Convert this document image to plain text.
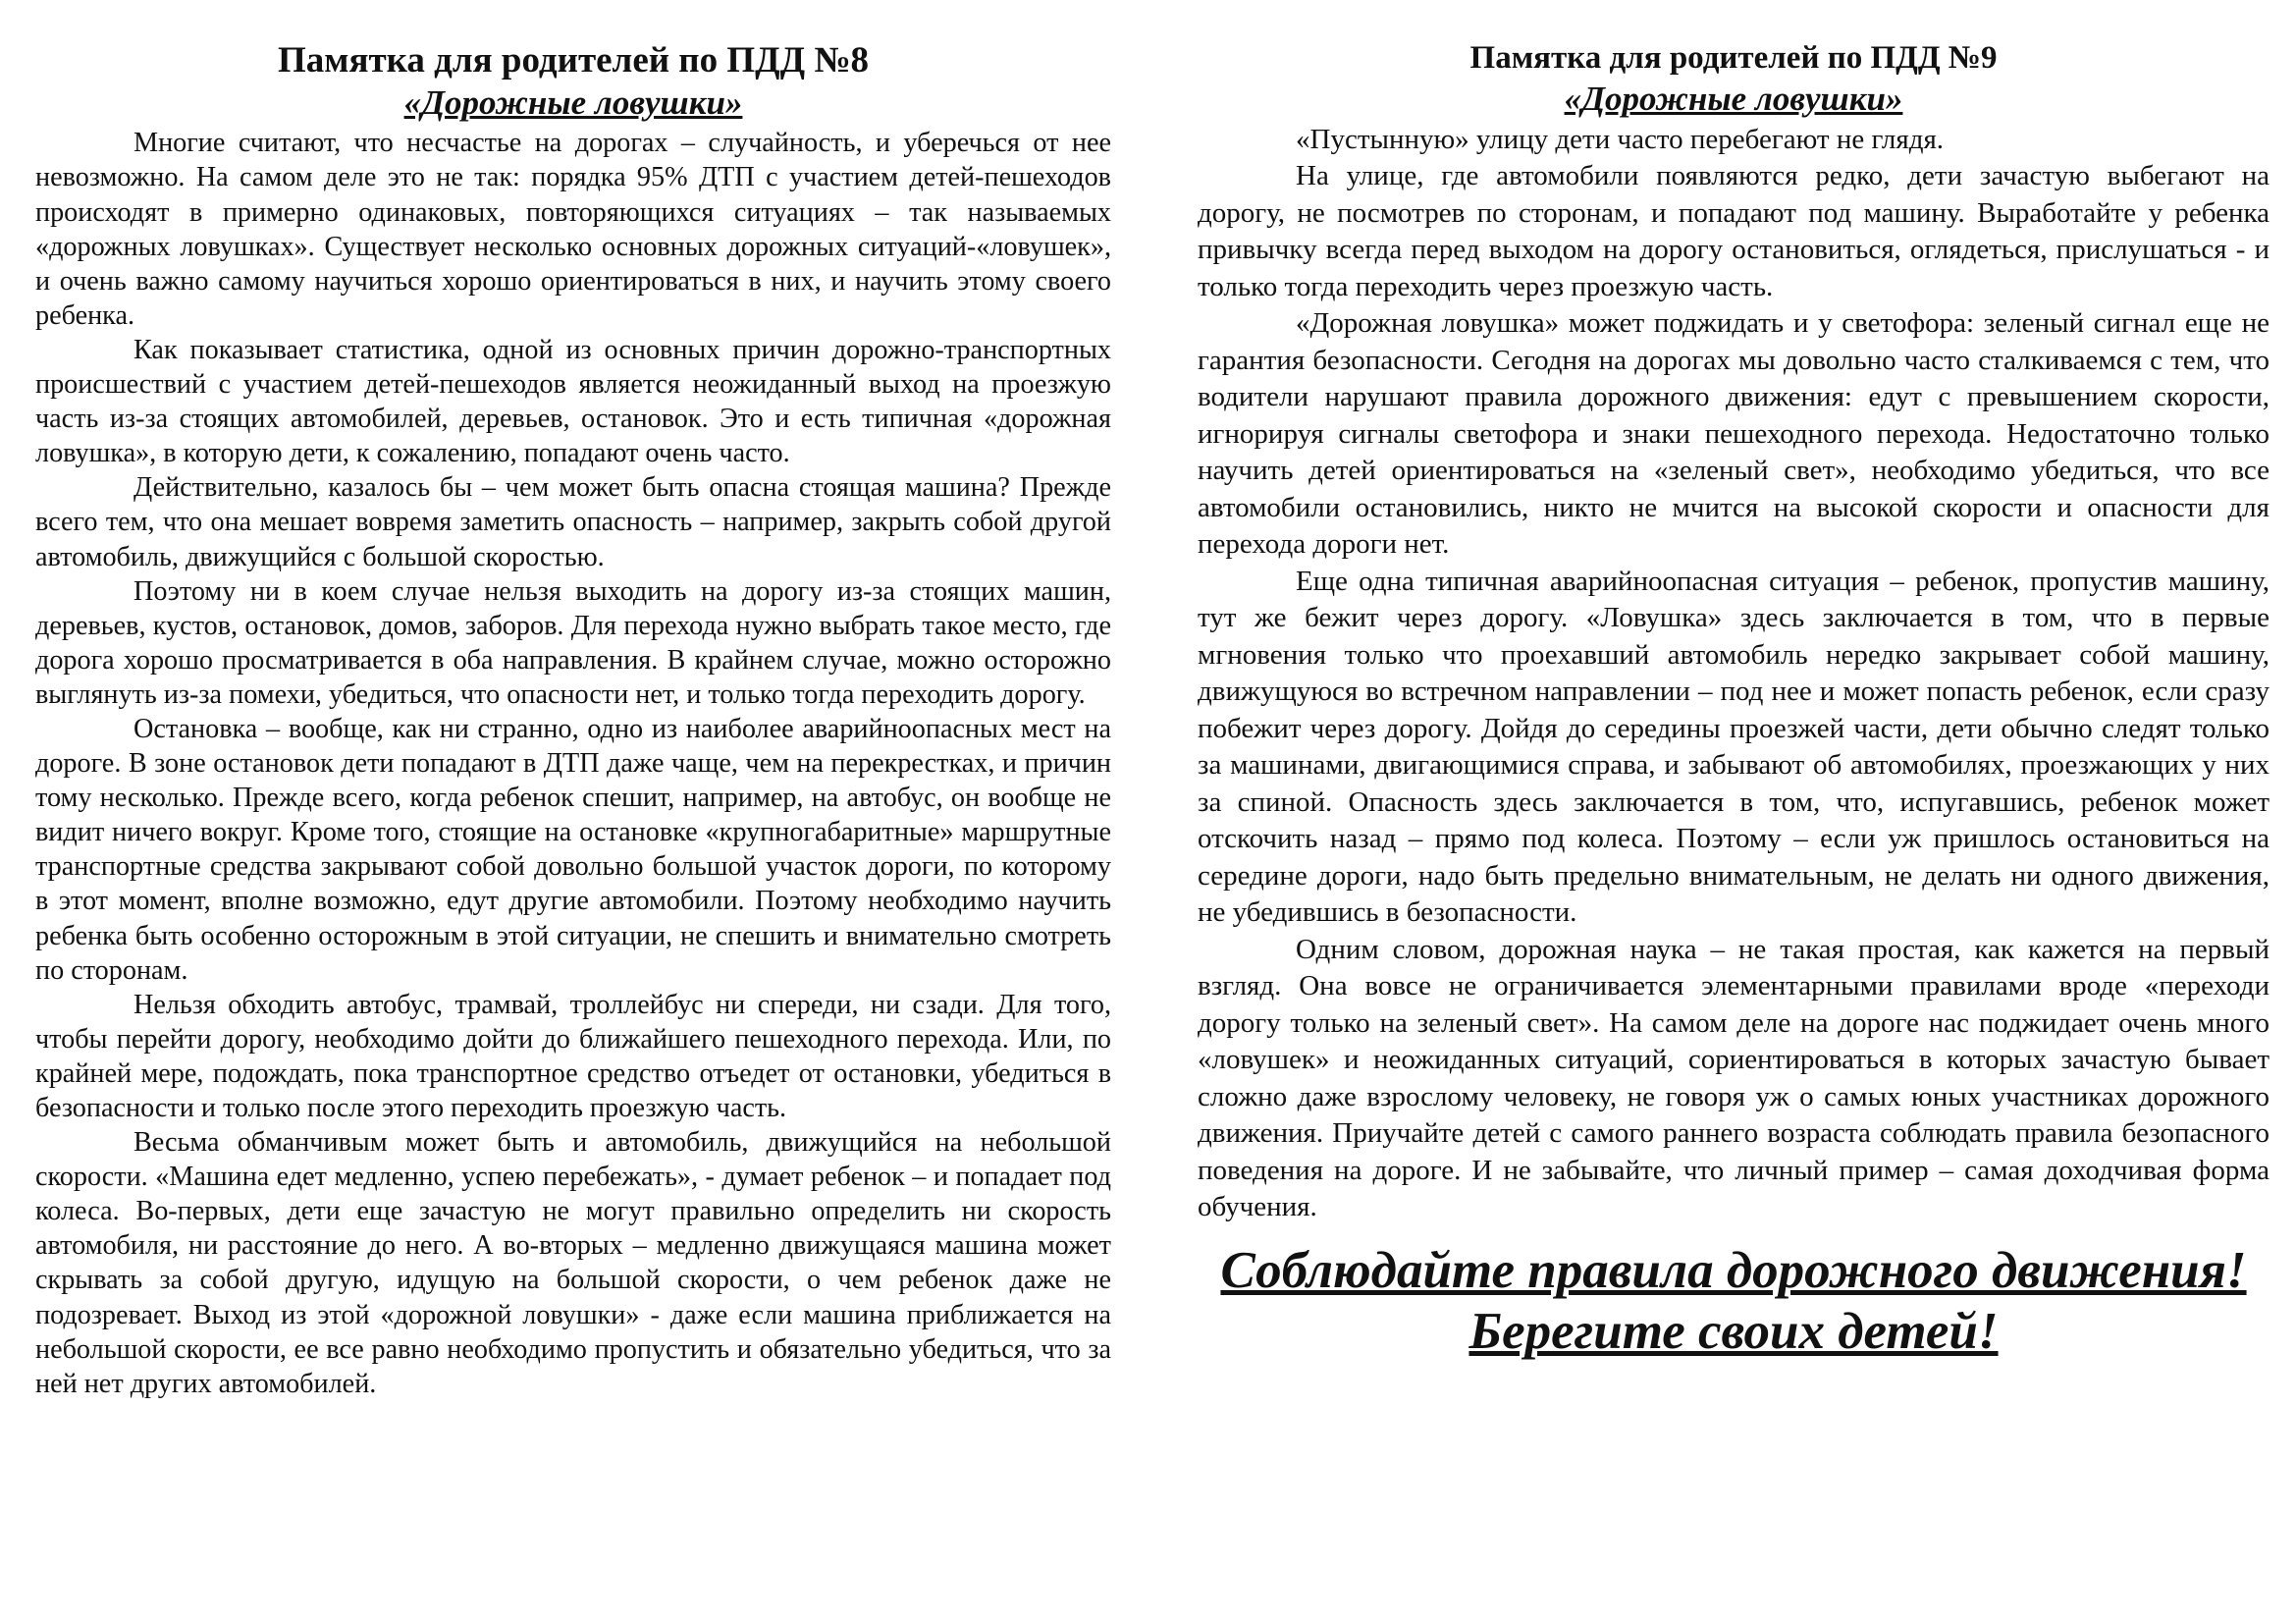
Памятка для родителей по ПДД №8
«Дорожные ловушки»

Многие считают, что несчастье на дорогах – случайность, и уберечься от нее невозможно. На самом деле это не так: порядка 95% ДТП с участием детей-пешеходов происходят в примерно одинаковых, повторяющихся ситуациях – так называемых «дорожных ловушках». Существует несколько основных дорожных ситуаций-«ловушек», и очень важно самому научиться хорошо ориентироваться в них, и научить этому своего ребенка.

Как показывает статистика, одной из основных причин дорожно-транспортных происшествий с участием детей-пешеходов является неожиданный выход на проезжую часть из-за стоящих автомобилей, деревьев, остановок. Это и есть типичная «дорожная ловушка», в которую дети, к сожалению, попадают очень часто.

Действительно, казалось бы – чем может быть опасна стоящая машина? Прежде всего тем, что она мешает вовремя заметить опасность – например, закрыть собой другой автомобиль, движущийся с большой скоростью.

Поэтому ни в коем случае нельзя выходить на дорогу из-за стоящих машин, деревьев, кустов, остановок, домов, заборов. Для перехода нужно выбрать такое место, где дорога хорошо просматривается в оба направления. В крайнем случае, можно осторожно выглянуть из-за помехи, убедиться, что опасности нет, и только тогда переходить дорогу.

Остановка – вообще, как ни странно, одно из наиболее аварийноопасных мест на дороге. В зоне остановок дети попадают в ДТП даже чаще, чем на перекрестках, и причин тому несколько. Прежде всего, когда ребенок спешит, например, на автобус, он вообще не видит ничего вокруг. Кроме того, стоящие на остановке «крупногабаритные» маршрутные транспортные средства закрывают собой довольно большой участок дороги, по которому в этот момент, вполне возможно, едут другие автомобили. Поэтому необходимо научить ребенка быть особенно осторожным в этой ситуации, не спешить и внимательно смотреть по сторонам.

Нельзя обходить автобус, трамвай, троллейбус ни спереди, ни сзади. Для того, чтобы перейти дорогу, необходимо дойти до ближайшего пешеходного перехода. Или, по крайней мере, подождать, пока транспортное средство отъедет от остановки, убедиться в безопасности и только после этого переходить проезжую часть.

Весьма обманчивым может быть и автомобиль, движущийся на небольшой скорости. «Машина едет медленно, успею перебежать», - думает ребенок – и попадает под колеса. Во-первых, дети еще зачастую не могут правильно определить ни скорость автомобиля, ни расстояние до него. А во-вторых – медленно движущаяся машина может скрывать за собой другую, идущую на большой скорости, о чем ребенок даже не подозревает. Выход из этой «дорожной ловушки» - даже если машина приближается на небольшой скорости, ее все равно необходимо пропустить и обязательно убедиться, что за ней нет других автомобилей.

Памятка для родителей по ПДД №9
«Дорожные ловушки»

«Пустынную» улицу дети часто перебегают не глядя.

На улице, где автомобили появляются редко, дети зачастую выбегают на дорогу, не посмотрев по сторонам, и попадают под машину. Выработайте у ребенка привычку всегда перед выходом на дорогу остановиться, оглядеться, прислушаться - и только тогда переходить через проезжую часть.

«Дорожная ловушка» может поджидать и у светофора: зеленый сигнал еще не гарантия безопасности. Сегодня на дорогах мы довольно часто сталкиваемся с тем, что водители нарушают правила дорожного движения: едут с превышением скорости, игнорируя сигналы светофора и знаки пешеходного перехода. Недостаточно только научить детей ориентироваться на «зеленый свет», необходимо убедиться, что все автомобили остановились, никто не мчится на высокой скорости и опасности для перехода дороги нет.

Еще одна типичная аварийноопасная ситуация – ребенок, пропустив машину, тут же бежит через дорогу. «Ловушка» здесь заключается в том, что в первые мгновения только что проехавший автомобиль нередко закрывает собой машину, движущуюся во встречном направлении – под нее и может попасть ребенок, если сразу побежит через дорогу. Дойдя до середины проезжей части, дети обычно следят только за машинами, двигающимися справа, и забывают об автомобилях, проезжающих у них за спиной. Опасность здесь заключается в том, что, испугавшись, ребенок может отскочить назад – прямо под колеса. Поэтому – если уж пришлось остановиться на середине дороги, надо быть предельно внимательным, не делать ни одного движения, не убедившись в безопасности.

Одним словом, дорожная наука – не такая простая, как кажется на первый взгляд. Она вовсе не ограничивается элементарными правилами вроде «переходи дорогу только на зеленый свет». На самом деле на дороге нас поджидает очень много «ловушек» и неожиданных ситуаций, сориентироваться в которых зачастую бывает сложно даже взрослому человеку, не говоря уж о самых юных участниках дорожного движения. Приучайте детей с самого раннего возраста соблюдать правила безопасного поведения на дороге. И не забывайте, что личный пример – самая доходчивая форма обучения.

Соблюдайте правила дорожного движения!
Берегите своих детей!
